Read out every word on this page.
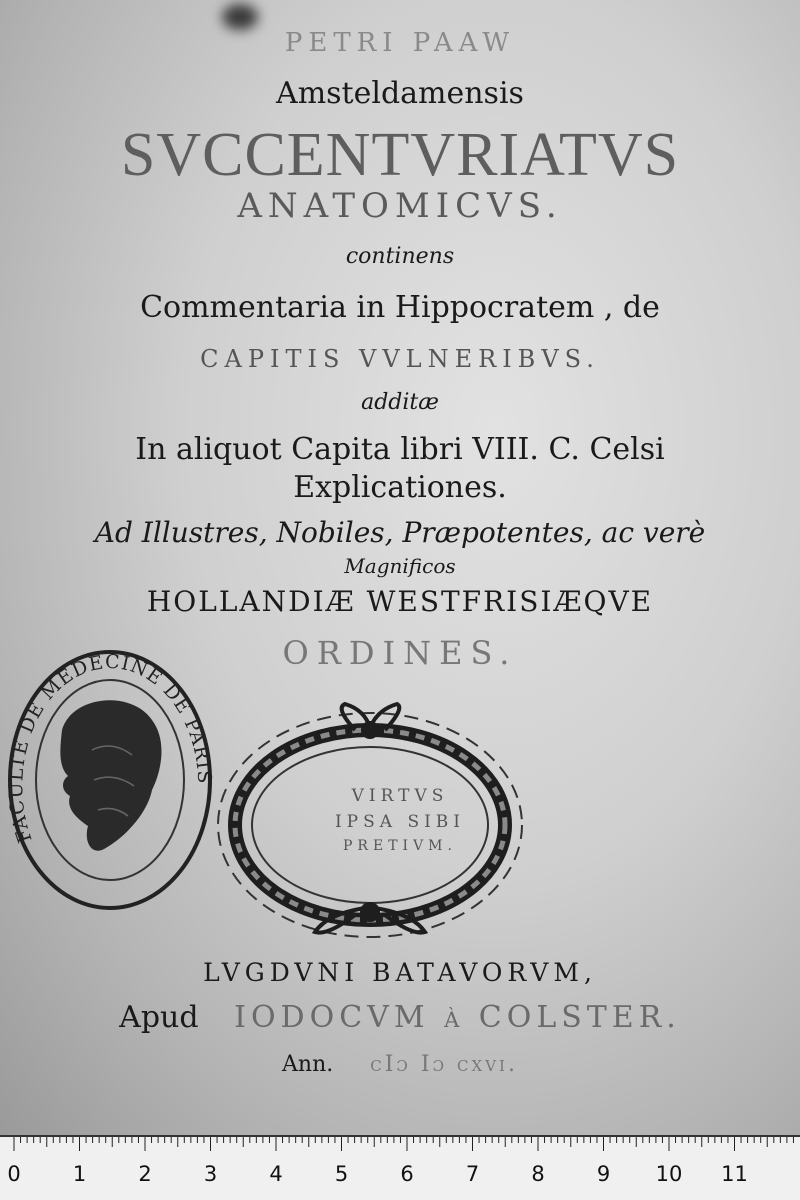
PETRI PAAW
Amsteldamensis
SVCCENTVRIATVS
ANATOMICVS.
continens
Commentaria in Hippocratem , de
CAPITIS VVLNERIBVS.
additæ
In aliquot Capita libri VIII. C. Celsi
Explicationes.
Ad Illustres, Nobiles, Præpotentes, ac verè
Magnificos
HOLLANDIÆ WESTFRISIÆQVE
ORDINES.
FACULTE DE MEDECINE DE PARIS
VIRTVS
IPSA SIBI
PRETIVM.
LVGDVNI BATAVORVM,
Apud IODOCVM à COLSTER.
Ann. cIɔ Iɔ cxvi.
0 1 2 3 4 5 6 7 8 9 10 11
